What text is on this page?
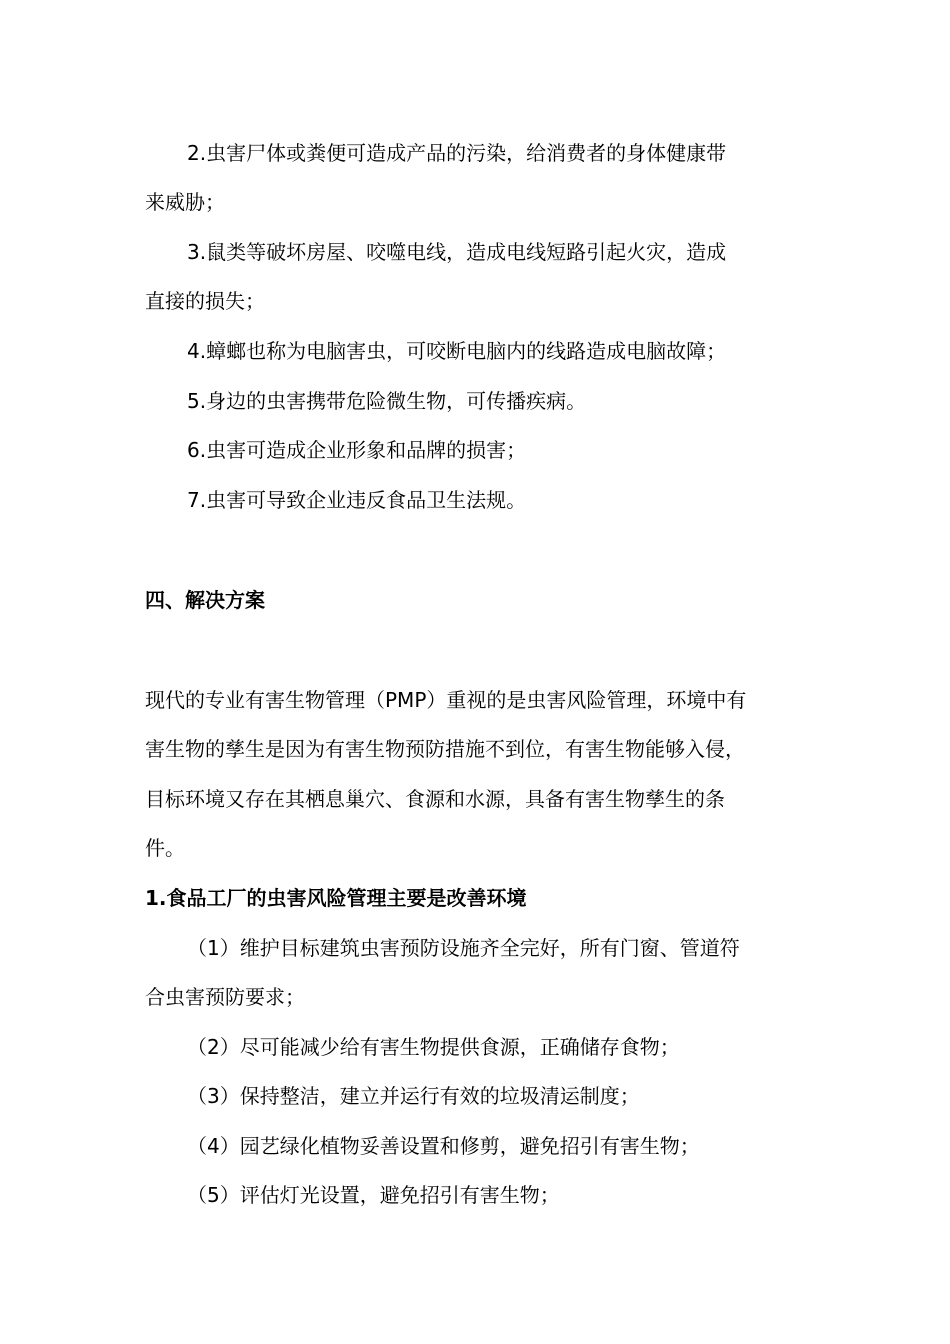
2.虫害尸体或粪便可造成产品的污染，给消费者的身体健康带

来威胁；

3.鼠类等破坏房屋、咬噬电线，造成电线短路引起火灾，造成

直接的损失；

4.蟑螂也称为电脑害虫，可咬断电脑内的线路造成电脑故障；

5.身边的虫害携带危险微生物，可传播疾病。

6.虫害可造成企业形象和品牌的损害；

7.虫害可导致企业违反食品卫生法规。

四、解决方案

现代的专业有害生物管理（PMP）重视的是虫害风险管理，环境中有

害生物的孳生是因为有害生物预防措施不到位，有害生物能够入侵，

目标环境又存在其栖息巢穴、食源和水源，具备有害生物孳生的条

件。

1.食品工厂的虫害风险管理主要是改善环境

（1）维护目标建筑虫害预防设施齐全完好，所有门窗、管道符

合虫害预防要求；

（2）尽可能减少给有害生物提供食源，正确储存食物；

（3）保持整洁，建立并运行有效的垃圾清运制度；

（4）园艺绿化植物妥善设置和修剪，避免招引有害生物；

（5）评估灯光设置，避免招引有害生物；
